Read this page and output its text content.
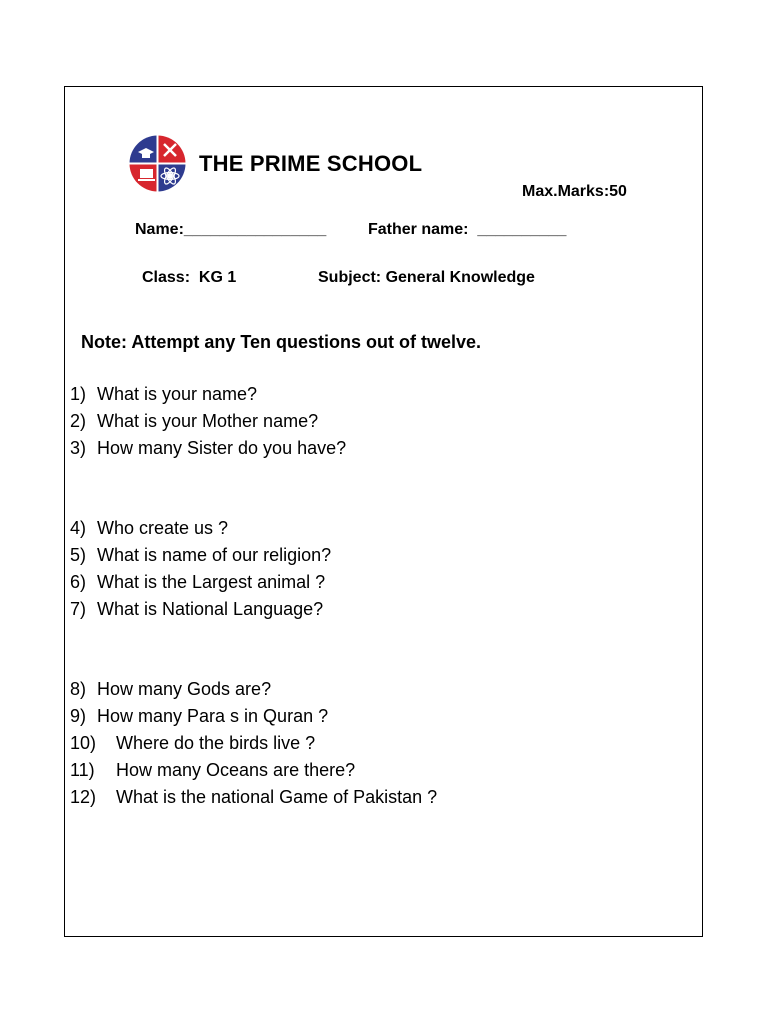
THE PRIME SCHOOL
Max.Marks:50
Name:________________	Father name:  __________
Class:  KG 1	Subject: General Knowledge
Note: Attempt any Ten questions out of twelve.
1) What is your name?
2) What is your Mother name?
3) How many Sister do you have?
4) Who create us ?
5) What is name of our religion?
6) What is the Largest animal ?
7) What is National Language?
8) How many Gods are?
9) How many Para s in Quran ?
10) Where do the birds live ?
11) How many Oceans are there?
12) What is the national Game of Pakistan ?
